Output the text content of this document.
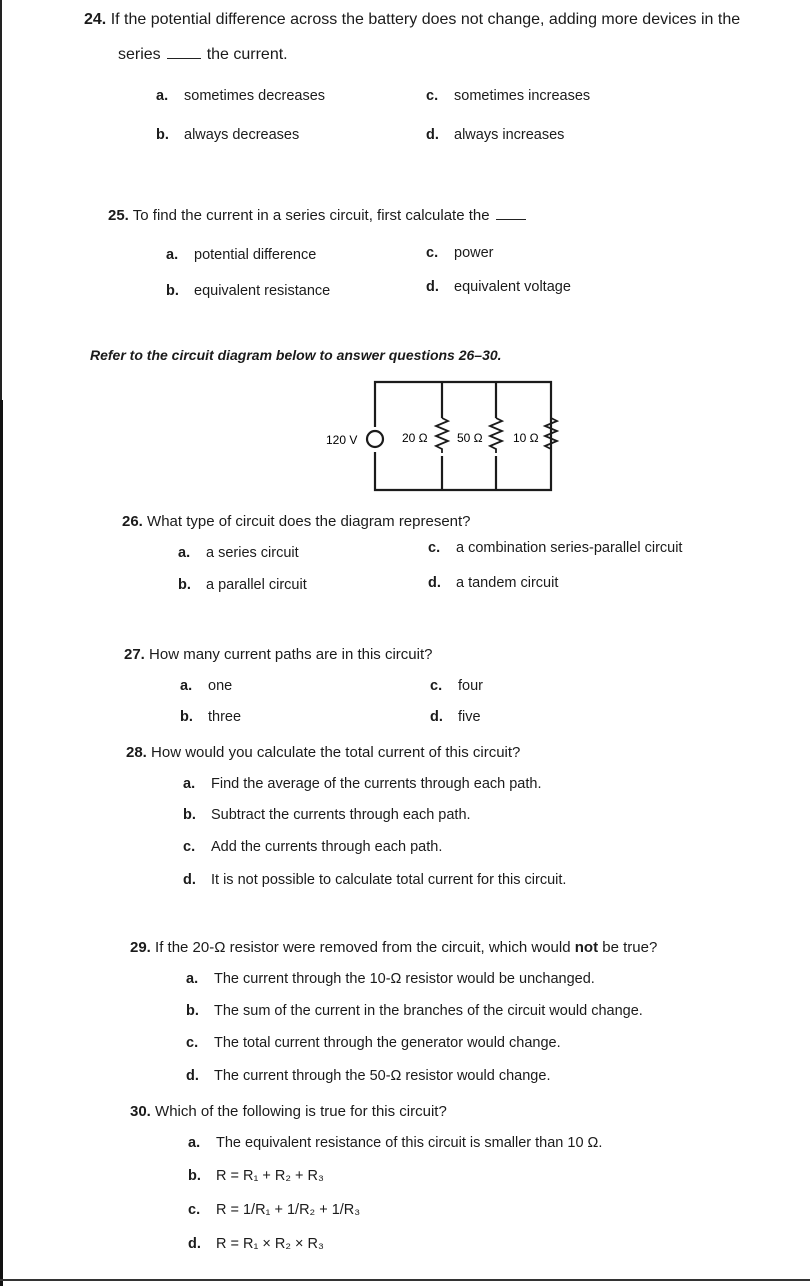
24. If the potential difference across the battery does not change, adding more devices in the
series	the current.
a. sometimes decreases
b. always decreases
c. sometimes increases
d. always increases
25. To find the current in a series circuit, first calculate the
a. potential difference
b. equivalent resistance
c. power
d. equivalent voltage
Refer to the circuit diagram below to answer questions 26–30.
120 V	20 Ω 50 Ω	10 Ω
26. What type of circuit does the diagram represent?
a. a series circuit
b. a parallel circuit
c. a combination series-parallel circuit
d. a tandem circuit
27. How many current paths are in this circuit?
a. one
b. three
c. four
d. five
28. How would you calculate the total current of this circuit?
a. Find the average of the currents through each path.
b. Subtract the currents through each path.
c. Add the currents through each path.
d. It is not possible to calculate total current for this circuit.
29. If the 20-Ω resistor were removed from the circuit, which would not be true?
a. The current through the 10-Ω resistor would be unchanged.
b. The sum of the current in the branches of the circuit would change.
c. The total current through the generator would change.
d. The current through the 50-Ω resistor would change.
30. Which of the following is true for this circuit?
a. The equivalent resistance of this circuit is smaller than 10 Ω.
b. R = R₁ + R₂ + R₃
c. R = 1/R₁ + 1/R₂ + 1/R₃
d. R = R₁ × R₂ × R₃
